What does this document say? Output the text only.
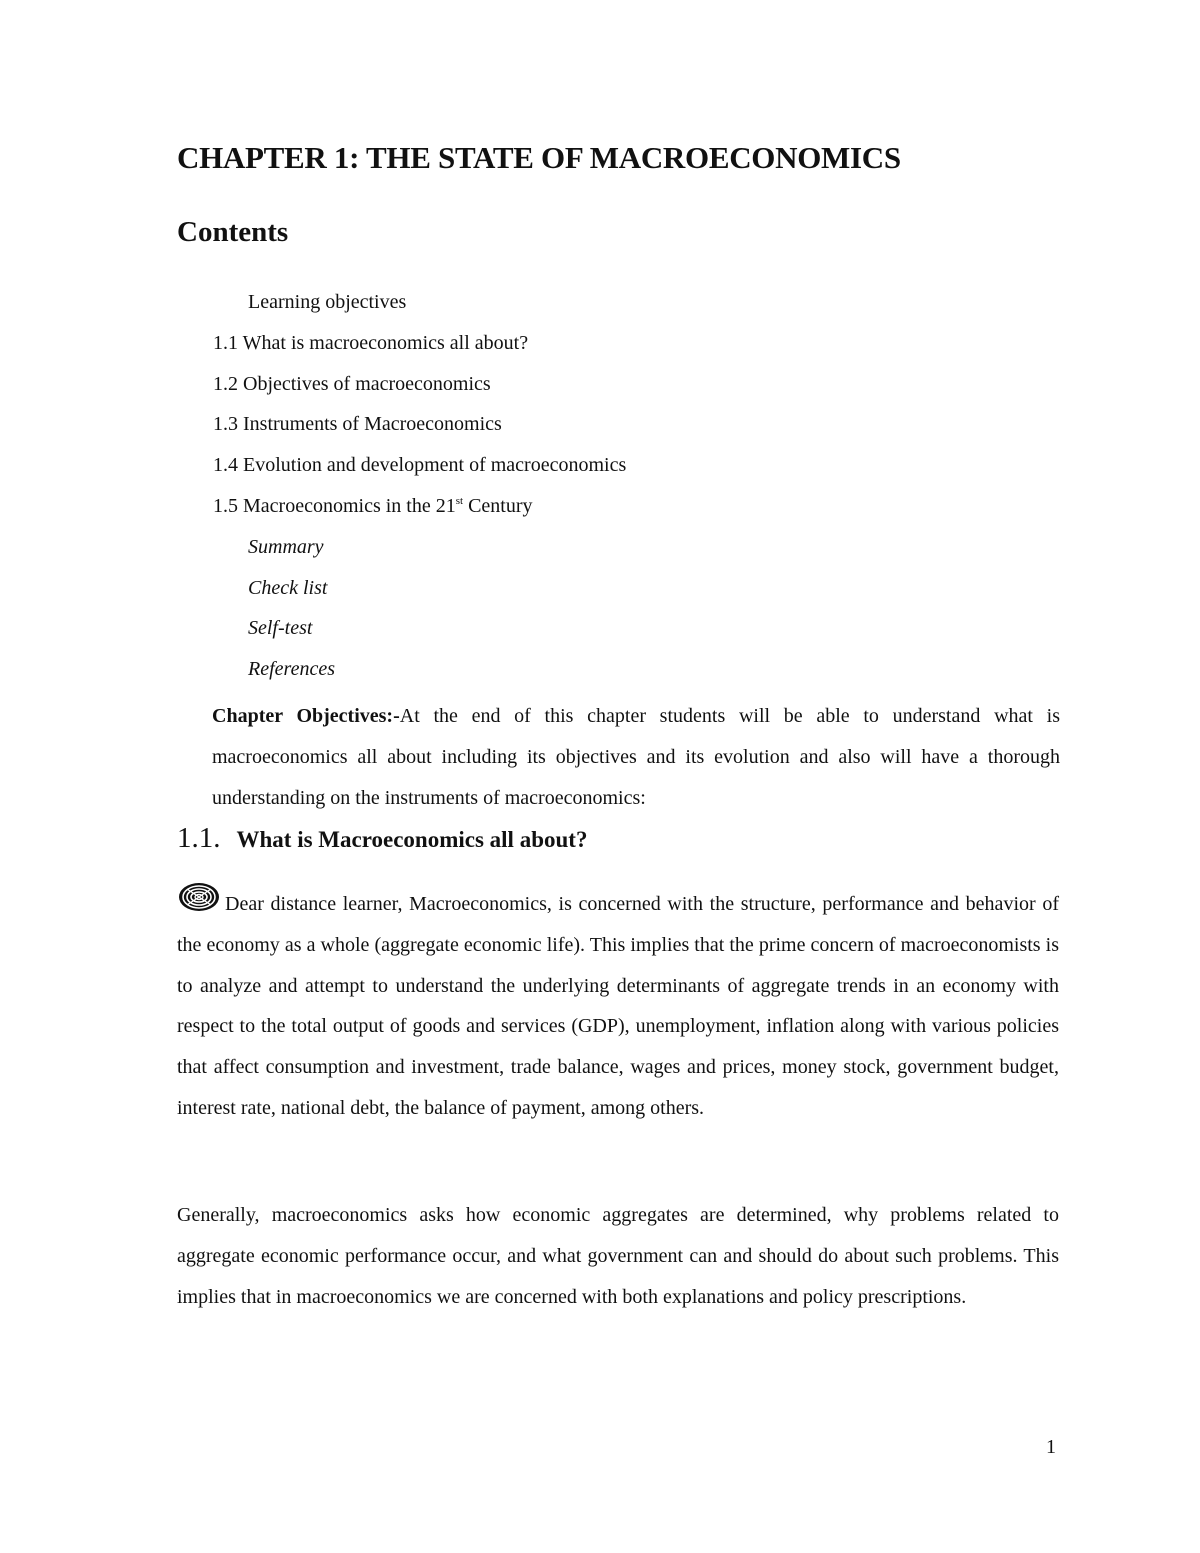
CHAPTER 1: THE STATE OF MACROECONOMICS
Contents
Learning objectives
1.1 What is macroeconomics all about?
1.2 Objectives of macroeconomics
1.3 Instruments of Macroeconomics
1.4 Evolution and development of macroeconomics
1.5 Macroeconomics in the 21st Century
Summary
Check list
Self-test
References

Chapter Objectives:-At the end of this chapter students will be able to understand what is macroeconomics all about including its objectives and its evolution and also will have a thorough understanding on the instruments of macroeconomics:

1.1. What is Macroeconomics all about?

Dear distance learner, Macroeconomics, is concerned with the structure, performance and behavior of the economy as a whole (aggregate economic life). This implies that the prime concern of macroeconomists is to analyze and attempt to understand the underlying determinants of aggregate trends in an economy with respect to the total output of goods and services (GDP), unemployment, inflation along with various policies that affect consumption and investment, trade balance, wages and prices, money stock, government budget, interest rate, national debt, the balance of payment, among others.

Generally, macroeconomics asks how economic aggregates are determined, why problems related to aggregate economic performance occur, and what government can and should do about such problems. This implies that in macroeconomics we are concerned with both explanations and policy prescriptions.

1
